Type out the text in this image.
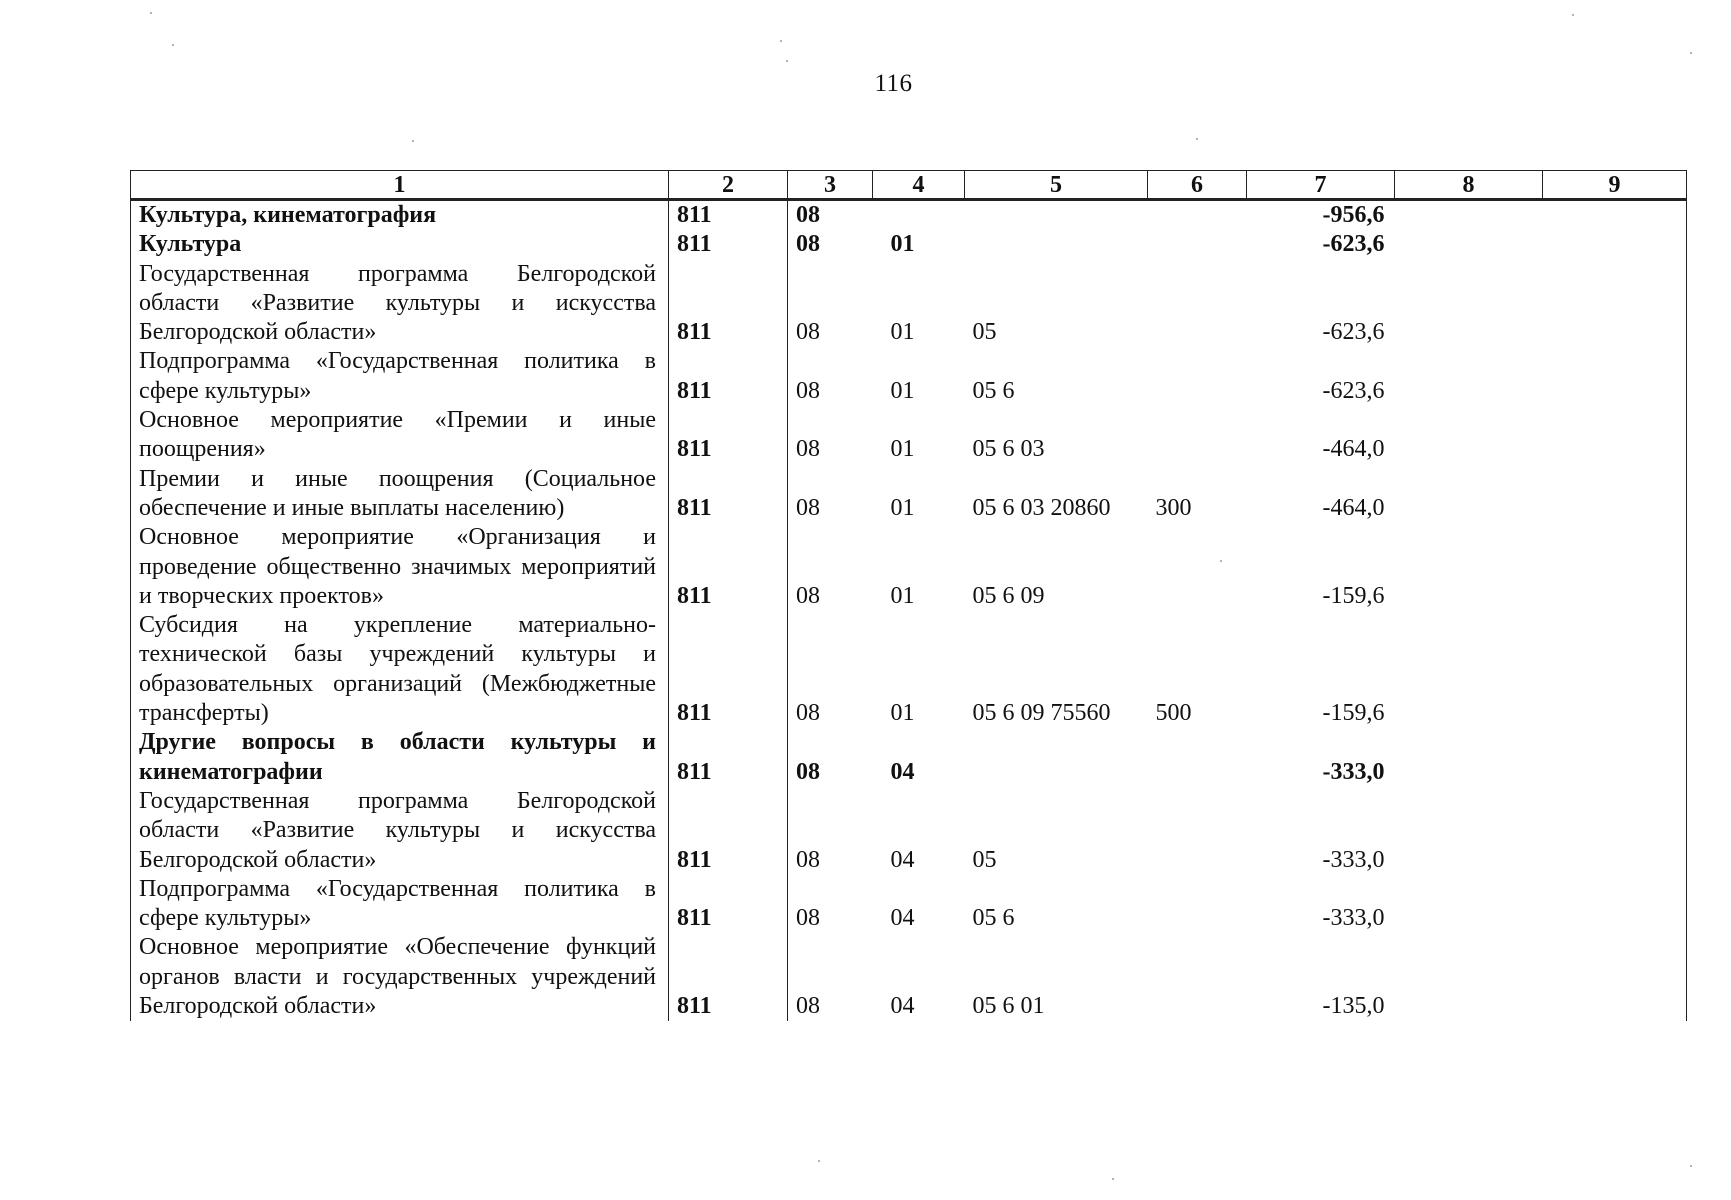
116
1	2	3	4	5	6	7	8	9
Культура, кинематография	811	08				-956,6		
Культура	811	08	01			-623,6		
Государственная программа Белгородской области «Развитие культуры и искусства Белгородской области»	811	08	01	05		-623,6		
Подпрограмма «Государственная политика в сфере культуры»	811	08	01	05 6		-623,6		
Основное мероприятие «Премии и иные поощрения»	811	08	01	05 6 03		-464,0		
Премии и иные поощрения (Социальное обеспечение и иные выплаты населению)	811	08	01	05 6 03 20860	300	-464,0		
Основное мероприятие «Организация и проведение общественно значимых мероприятий и творческих проектов»	811	08	01	05 6 09		-159,6		
Субсидия на укрепление материально-технической базы учреждений культуры и образовательных организаций (Межбюджетные трансферты)	811	08	01	05 6 09 75560	500	-159,6		
Другие вопросы в области культуры и кинематографии	811	08	04			-333,0		
Государственная программа Белгородской области «Развитие культуры и искусства Белгородской области»	811	08	04	05		-333,0		
Подпрограмма «Государственная политика в сфере культуры»	811	08	04	05 6		-333,0		
Основное мероприятие «Обеспечение функций органов власти и государственных учреждений Белгородской области»	811	08	04	05 6 01		-135,0		
